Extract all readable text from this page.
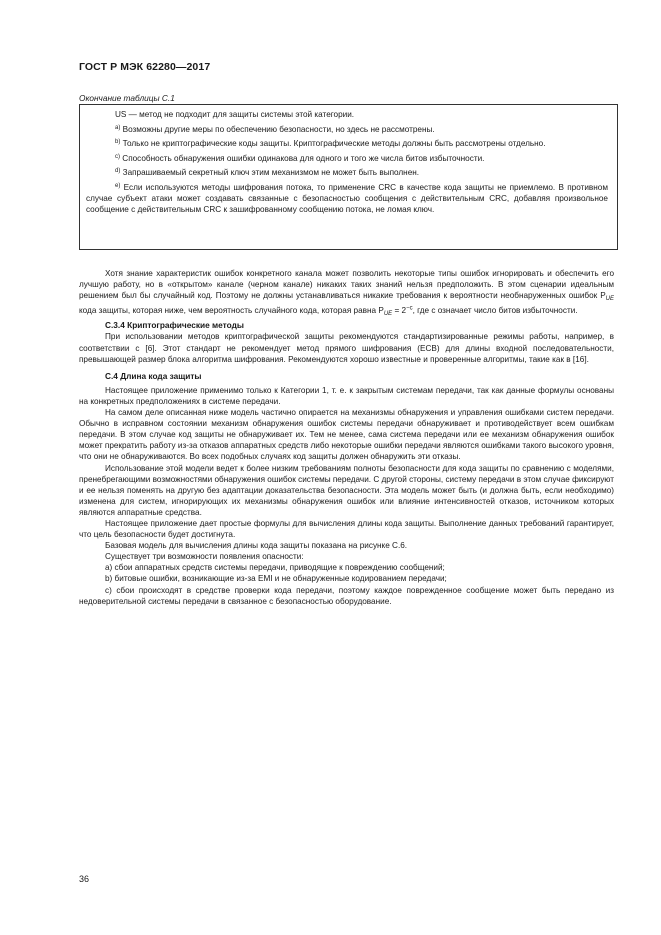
ГОСТ Р МЭК 62280—2017
Окончание таблицы С.1

US — метод не подходит для защиты системы этой категории.

$^{a)}$ Возможны другие меры по обеспечению безопасности, но здесь не рассмотрены.

$^{b)}$ Только не криптографические коды защиты. Криптографические методы должны быть рассмотрены отдельно.

$^{c)}$ Способность обнаружения ошибки одинакова для одного и того же числа битов избыточности.

$^{d)}$ Запрашиваемый секретный ключ этим механизмом не может быть выполнен.

$^{e)}$ Если используются методы шифрования потока, то применение CRC в качестве кода защиты не приемлемо. В противном случае субъект атаки может создавать связанные с безопасностью сообщения с действительным CRC, добавляя произвольное сообщение с действительным CRC к зашифрованному сообщению потока, не ломая ключ.

Хотя знание характеристик ошибок конкретного канала может позволить некоторые типы ошибок игнорировать и обеспечить его лучшую работу, но в «открытом» канале (черном канале) никаких таких знаний нельзя предположить. В этом сценарии идеальным решением был бы случайный код. Поэтому не должны устанавливаться никакие требования к вероятности необнаруженных ошибок $P_{UE}$ кода защиты, которая ниже, чем вероятность случайного кода, которая равна $P_{UE} = 2^{-c}$, где c означает число битов избыточности.

С.3.4 Криптографические методы

При использовании методов криптографической защиты рекомендуются стандартизированные режимы работы, например, в соответствии с [6]. Этот стандарт не рекомендует метод прямого шифрования (ECB) для длины входной последовательности, превышающей размер блока алгоритма шифрования. Рекомендуются хорошо известные и проверенные алгоритмы, такие как в [16].

С.4 Длина кода защиты

Настоящее приложение применимо только к Категории 1, т. е. к закрытым системам передачи, так как данные формулы основаны на конкретных предположениях в системе передачи.

На самом деле описанная ниже модель частично опирается на механизмы обнаружения и управления ошибками систем передачи. Обычно в исправном состоянии механизм обнаружения ошибок системы передачи обнаруживает и противодействует всем ошибкам передачи. В этом случае код защиты не обнаруживает их. Тем не менее, сама система передачи или ее механизм обнаружения ошибок может прекратить работу из-за отказов аппаратных средств либо некоторые ошибки передачи являются ошибками такого высокого уровня, что они не обнаруживаются. Во всех подобных случаях код защиты должен обнаружить эти отказы.

Использование этой модели ведет к более низким требованиям полноты безопасности для кода защиты по сравнению с моделями, пренебрегающими возможностями обнаружения ошибок системы передачи. С другой стороны, систему передачи в этом случае фиксируют и ее нельзя поменять на другую без адаптации доказательства безопасности. Эта модель может быть (и должна быть, если необходимо) изменена для систем, игнорирующих их механизмы обнаружения ошибок или влияние интенсивностей отказов, источником которых являются аппаратные средства.

Настоящее приложение дает простые формулы для вычисления длины кода защиты. Выполнение данных требований гарантирует, что цель безопасности будет достигнута.

Базовая модель для вычисления длины кода защиты показана на рисунке С.6.

Существует три возможности появления опасности:

a) сбои аппаратных средств системы передачи, приводящие к повреждению сообщений;

b) битовые ошибки, возникающие из-за EMI и не обнаруженные кодированием передачи;

c) сбои происходят в средстве проверки кода передачи, поэтому каждое поврежденное сообщение может быть передано из недоверительной системы передачи в связанное с безопасностью оборудование.

36
